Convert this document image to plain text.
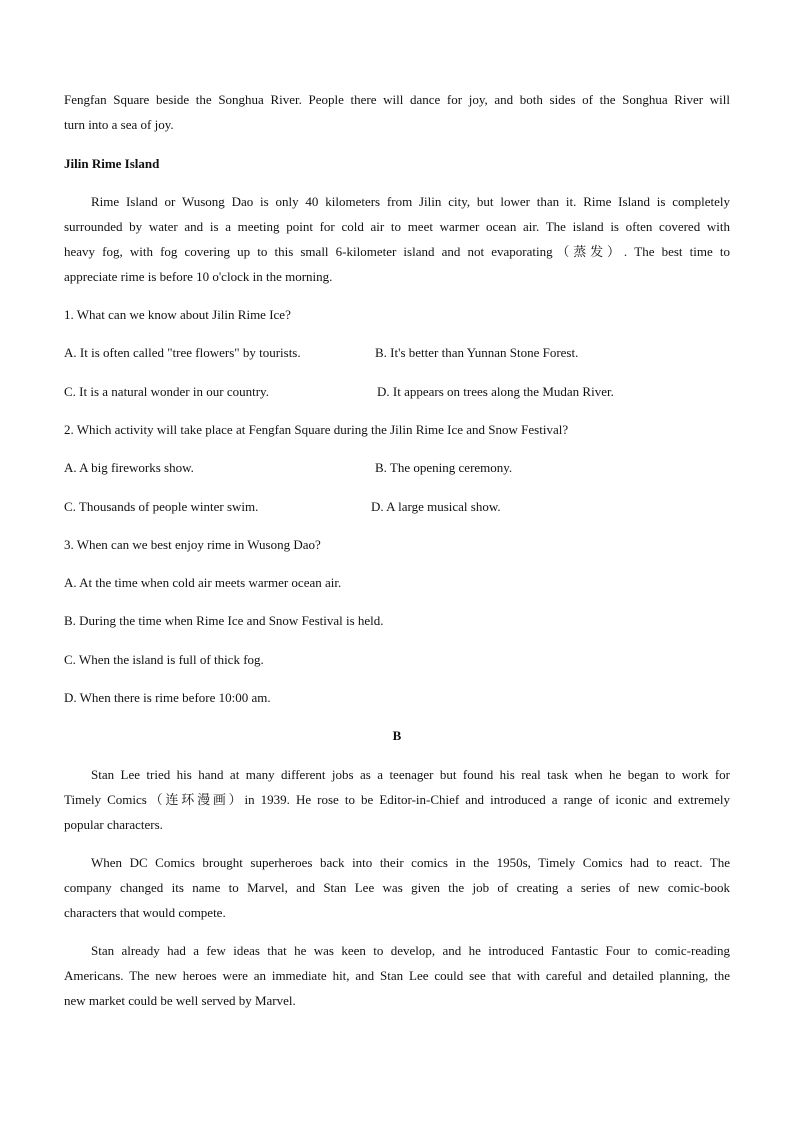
Fengfan Square beside the Songhua River. People there will dance for joy, and both sides of the Songhua River will
turn into a sea of joy.
Jilin Rime Island
Rime Island or Wusong Dao is only 40 kilometers from Jilin city, but lower than it. Rime Island is completely
surrounded by water and is a meeting point for cold air to meet warmer ocean air. The island is often covered with
heavy fog, with fog covering up to this small 6-kilometer island and not evaporating（蒸发）. The best time to
appreciate rime is before 10 o'clock in the morning.
1. What can we know about Jilin Rime Ice?
A. It is often called "tree flowers" by tourists.	B. It's better than Yunnan Stone Forest.
C. It is a natural wonder in our country.	D. It appears on trees along the Mudan River.
2. Which activity will take place at Fengfan Square during the Jilin Rime Ice and Snow Festival?
A. A big fireworks show.	B. The opening ceremony.
C. Thousands of people winter swim.	D. A large musical show.
3. When can we best enjoy rime in Wusong Dao?
A. At the time when cold air meets warmer ocean air.
B. During the time when Rime Ice and Snow Festival is held.
C. When the island is full of thick fog.
D. When there is rime before 10:00 am.
B
Stan Lee tried his hand at many different jobs as a teenager but found his real task when he began to work for
Timely Comics（连环漫画）in 1939. He rose to be Editor-in-Chief and introduced a range of iconic and extremely
popular characters.
When DC Comics brought superheroes back into their comics in the 1950s, Timely Comics had to react. The
company changed its name to Marvel, and Stan Lee was given the job of creating a series of new comic-book
characters that would compete.
Stan already had a few ideas that he was keen to develop, and he introduced Fantastic Four to comic-reading
Americans. The new heroes were an immediate hit, and Stan Lee could see that with careful and detailed planning, the
new market could be well served by Marvel.
